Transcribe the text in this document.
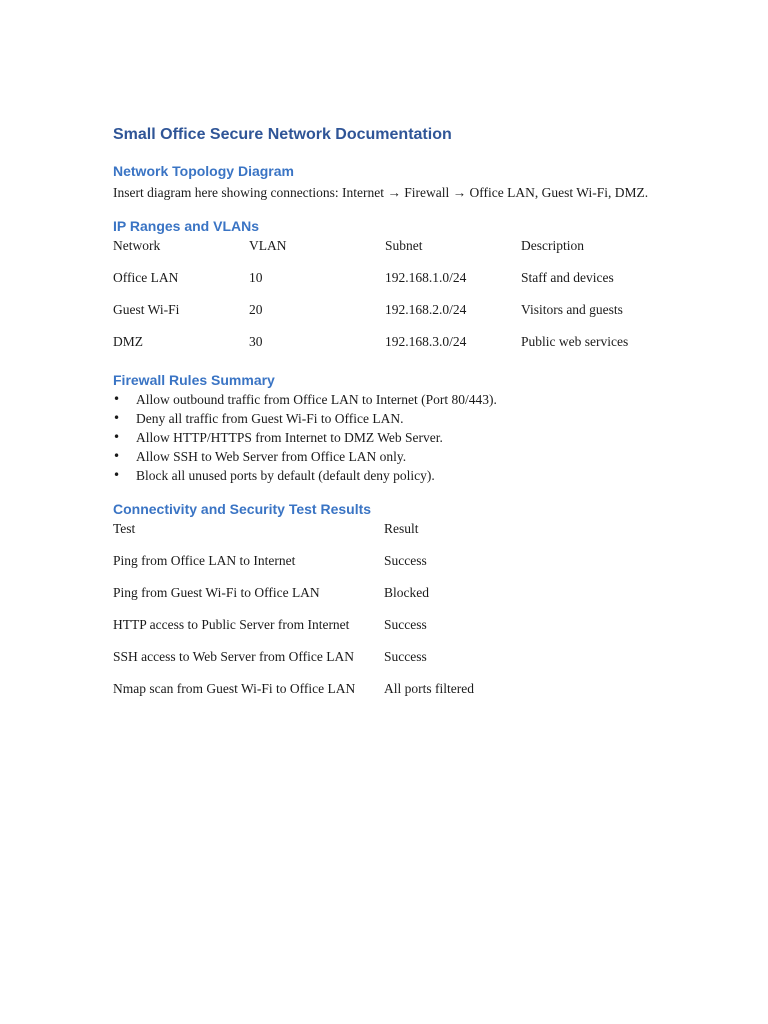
Small Office Secure Network Documentation
Network Topology Diagram

Insert diagram here showing connections: Internet → Firewall → Office LAN, Guest Wi-Fi, DMZ.

IP Ranges and VLANs
Network	VLAN	Subnet	Description
Office LAN	10	192.168.1.0/24	Staff and devices
Guest Wi-Fi	20	192.168.2.0/24	Visitors and guests
DMZ	30	192.168.3.0/24	Public web services
Firewall Rules Summary
• Allow outbound traffic from Office LAN to Internet (Port 80/443).
• Deny all traffic from Guest Wi-Fi to Office LAN.
• Allow HTTP/HTTPS from Internet to DMZ Web Server.
• Allow SSH to Web Server from Office LAN only.
• Block all unused ports by default (default deny policy).
Connectivity and Security Test Results
Test	Result
Ping from Office LAN to Internet	Success
Ping from Guest Wi-Fi to Office LAN	Blocked
HTTP access to Public Server from Internet	Success
SSH access to Web Server from Office LAN	Success
Nmap scan from Guest Wi-Fi to Office LAN	All ports filtered
